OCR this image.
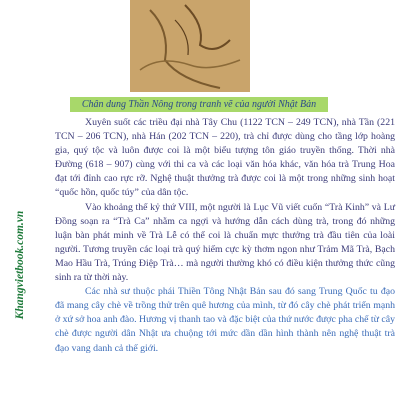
Khangvietbook.com.vn
Chân dung Thần Nông trong tranh vẽ của người Nhật Bản

Xuyên suốt các triều đại nhà Tây Chu (1122 TCN – 249 TCN), nhà Tần (221 TCN – 206 TCN), nhà Hán (202 TCN – 220), trà chỉ được dùng cho tầng lớp hoàng gia, quý tộc và luôn được coi là một biểu tượng tôn giáo truyền thống. Thời nhà Đường (618 – 907) cùng với thi ca và các loại văn hóa khác, văn hóa trà Trung Hoa đạt tới đỉnh cao rực rỡ. Nghệ thuật thưởng trà được coi là một trong những sinh hoạt “quốc hồn, quốc túy” của dân tộc.

Vào khoảng thế kỷ thứ VIII, một người là Lục Vũ viết cuốn “Trà Kinh” và Lư Đồng soạn ra “Trà Ca” nhằm ca ngợi và hướng dẫn cách dùng trà, trong đó những luận bàn phát minh về Trà Lễ có thể coi là chuẩn mực thưởng trà đầu tiên của loài người. Tương truyền các loại trà quý hiếm cực kỳ thơm ngon như Trảm Mã Trà, Bạch Mao Hầu Trà, Trúng Điệp Trà… mà người thường khó có điều kiện thưởng thức cũng sinh ra từ thời này.

Các nhà sư thuộc phái Thiền Tông Nhật Bản sau đó sang Trung Quốc tu đạo đã mang cây chè về trồng thử trên quê hương của mình, từ đó cây chè phát triển mạnh ở xứ sở hoa anh đào. Hương vị thanh tao và đặc biệt của thứ nước được pha chế từ cây chè được người dân Nhật ưa chuộng tới mức dần dần hình thành nên nghệ thuật trà đạo vang danh cả thế giới.
